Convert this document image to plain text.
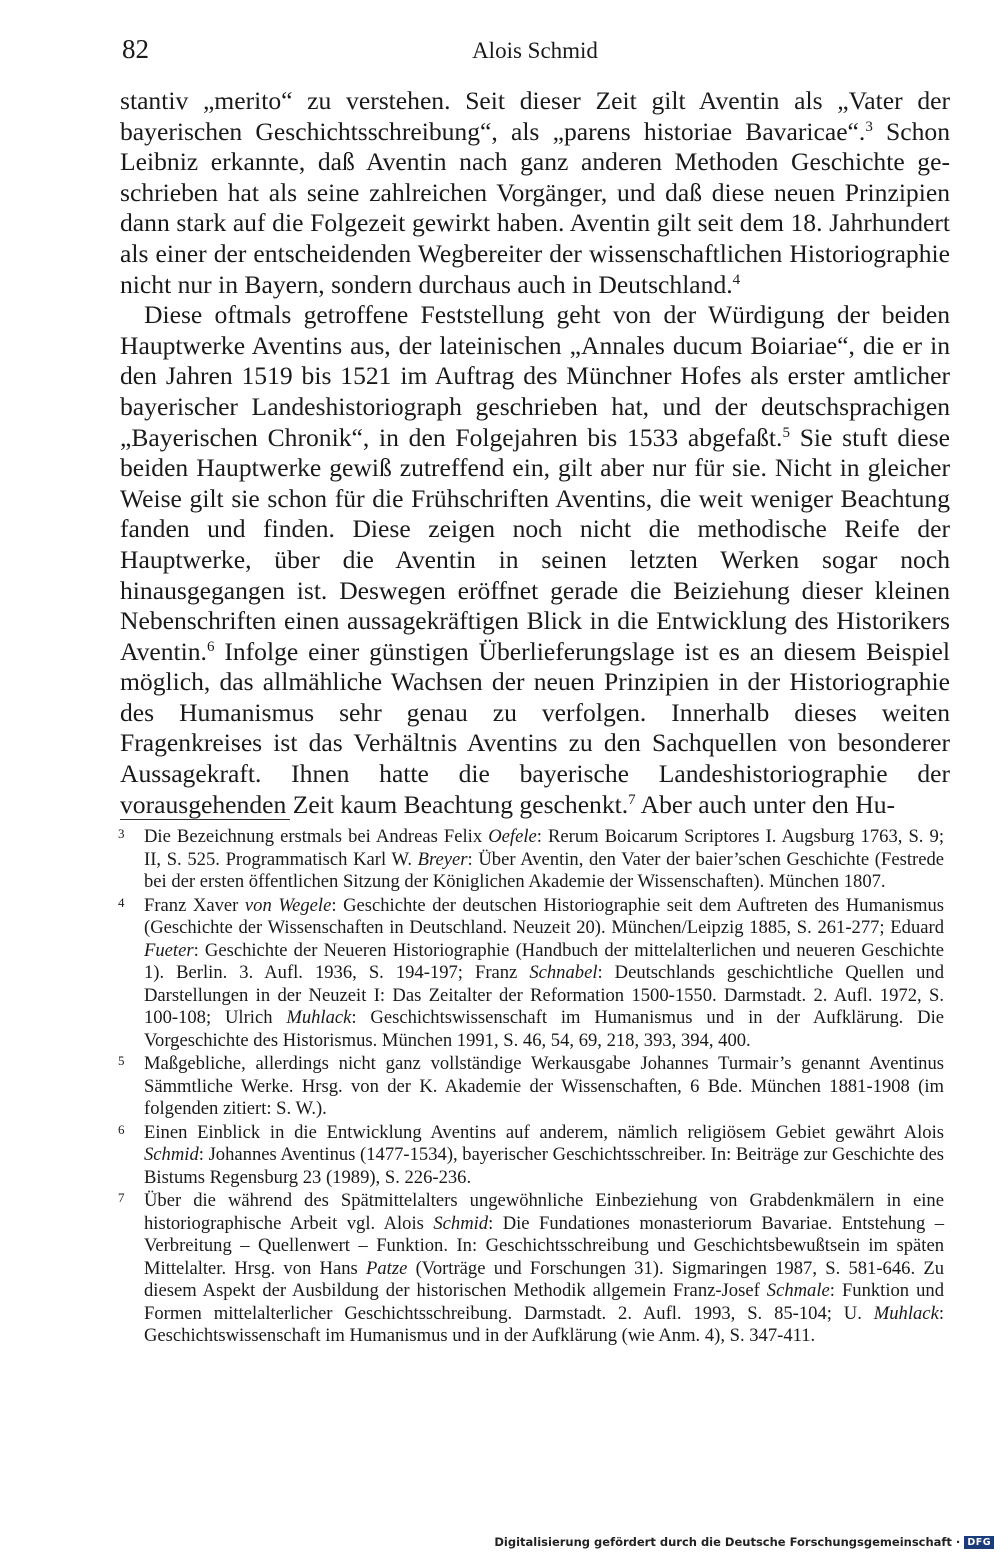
82	Alois Schmid

stantiv „merito“ zu verstehen. Seit dieser Zeit gilt Aventin als „Vater der bayerischen Geschichtsschreibung“, als „parens historiae Bavaricae“.$^3$ Schon Leibniz erkannte, daß Aventin nach ganz anderen Methoden Geschichte geschrieben hat als seine zahlreichen Vorgänger, und daß diese neuen Prinzipien dann stark auf die Folgezeit gewirkt haben. Aventin gilt seit dem 18. Jahrhundert als einer der entscheidenden Wegbereiter der wissenschaftlichen Historiographie nicht nur in Bayern, sondern durchaus auch in Deutschland.$^4$

Diese oftmals getroffene Feststellung geht von der Würdigung der beiden Hauptwerke Aventins aus, der lateinischen „Annales ducum Boiariae“, die er in den Jahren 1519 bis 1521 im Auftrag des Münchner Hofes als erster amtlicher bayerischer Landeshistoriograph geschrieben hat, und der deutschsprachigen „Bayerischen Chronik“, in den Folgejahren bis 1533 abgefaßt.$^5$ Sie stuft diese beiden Hauptwerke gewiß zutreffend ein, gilt aber nur für sie. Nicht in gleicher Weise gilt sie schon für die Frühschriften Aventins, die weit weniger Beachtung fanden und finden. Diese zeigen noch nicht die methodische Reife der Hauptwerke, über die Aventin in seinen letzten Werken sogar noch hinausgegangen ist. Deswegen eröffnet gerade die Beiziehung dieser kleinen Nebenschriften einen aussagekräftigen Blick in die Entwicklung des Historikers Aventin.$^6$ Infolge einer günstigen Überlieferungslage ist es an diesem Beispiel möglich, das allmähliche Wachsen der neuen Prinzipien in der Historiographie des Humanismus sehr genau zu verfolgen. Innerhalb dieses weiten Fragenkreises ist das Verhältnis Aventins zu den Sachquellen von besonderer Aussagekraft. Ihnen hatte die bayerische Landeshistoriographie der vorausgehenden Zeit kaum Beachtung geschenkt.$^7$ Aber auch unter den Hu-

3 Die Bezeichnung erstmals bei Andreas Felix Oefele: Rerum Boicarum Scriptores I. Augsburg 1763, S. 9; II, S. 525. Programmatisch Karl W. Breyer: Über Aventin, den Vater der baier’schen Geschichte (Festrede bei der ersten öffentlichen Sitzung der Königlichen Akademie der Wissenschaften). München 1807.
4 Franz Xaver von Wegele: Geschichte der deutschen Historiographie seit dem Auftreten des Humanismus (Geschichte der Wissenschaften in Deutschland. Neuzeit 20). München/Leipzig 1885, S. 261-277; Eduard Fueter: Geschichte der Neueren Historiographie (Handbuch der mittelalterlichen und neueren Geschichte 1). Berlin. 3. Aufl. 1936, S. 194-197; Franz Schnabel: Deutschlands geschichtliche Quellen und Darstellungen in der Neuzeit I: Das Zeitalter der Reformation 1500-1550. Darmstadt. 2. Aufl. 1972, S. 100-108; Ulrich Muhlack: Geschichtswissenschaft im Humanismus und in der Aufklärung. Die Vorgeschichte des Historismus. München 1991, S. 46, 54, 69, 218, 393, 394, 400.
5 Maßgebliche, allerdings nicht ganz vollständige Werkausgabe Johannes Turmair’s genannt Aventinus Sämmtliche Werke. Hrsg. von der K. Akademie der Wissenschaften, 6 Bde. München 1881-1908 (im folgenden zitiert: S. W.).
6 Einen Einblick in die Entwicklung Aventins auf anderem, nämlich religiösem Gebiet gewährt Alois Schmid: Johannes Aventinus (1477-1534), bayerischer Geschichtsschreiber. In: Beiträge zur Geschichte des Bistums Regensburg 23 (1989), S. 226-236.
7 Über die während des Spätmittelalters ungewöhnliche Einbeziehung von Grabdenkmälern in eine historiographische Arbeit vgl. Alois Schmid: Die Fundationes monasteriorum Bavariae. Entstehung – Verbreitung – Quellenwert – Funktion. In: Geschichtsschreibung und Geschichtsbewußtsein im späten Mittelalter. Hrsg. von Hans Patze (Vorträge und Forschungen 31). Sigmaringen 1987, S. 581-646. Zu diesem Aspekt der Ausbildung der historischen Methodik allgemein Franz-Josef Schmale: Funktion und Formen mittelalterlicher Geschichtsschreibung. Darmstadt. 2. Aufl. 1993, S. 85-104; U. Muhlack: Geschichtswissenschaft im Humanismus und in der Aufklärung (wie Anm. 4), S. 347-411.
Digitalisierung gefördert durch die Deutsche Forschungsgemeinschaft · DFG
